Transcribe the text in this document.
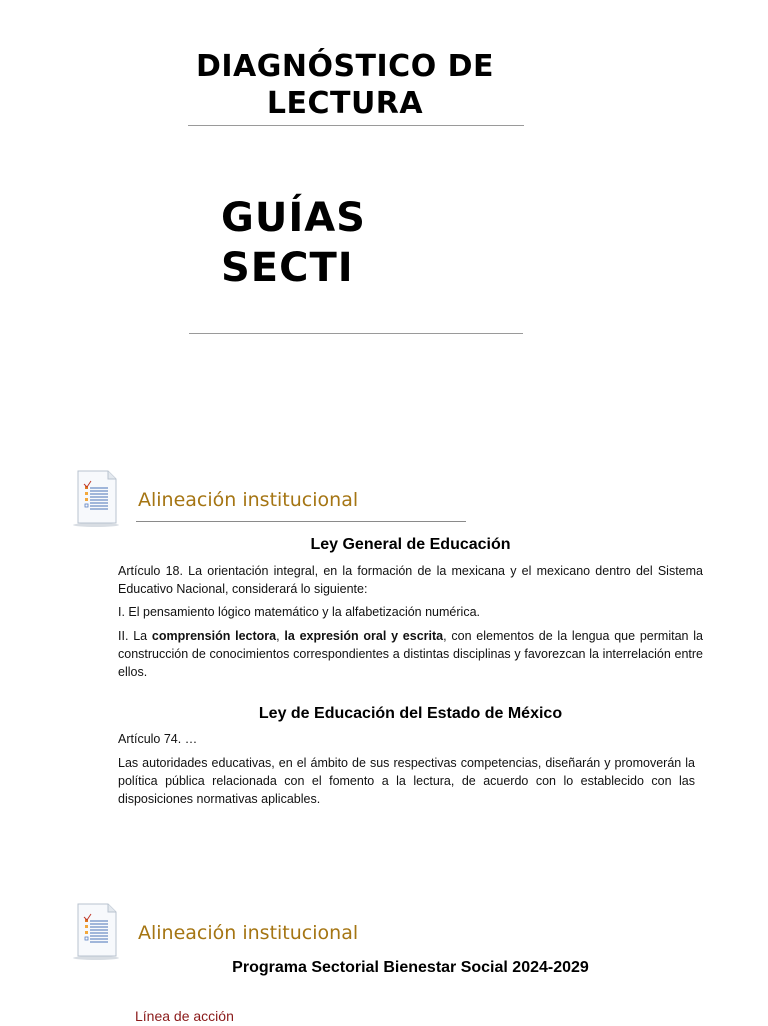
DIAGNÓSTICO DE
LECTURA
GUÍAS
SECTI
Alineación institucional
Ley General de Educación
Artículo 18. La orientación integral, en la formación de la mexicana y el mexicano dentro del Sistema Educativo Nacional, considerará lo siguiente:
I. El pensamiento lógico matemático y la alfabetización numérica.
II. La comprensión lectora, la expresión oral y escrita, con elementos de la lengua que permitan la construcción de conocimientos correspondientes a distintas disciplinas y favorezcan la interrelación entre ellos.
Ley de Educación del Estado de México
Artículo 74. …
Las autoridades educativas, en el ámbito de sus respectivas competencias, diseñarán y promoverán la política pública relacionada con el fomento a la lectura, de acuerdo con lo establecido con las disposiciones normativas aplicables.
Alineación institucional
Programa Sectorial Bienestar Social 2024-2029
Línea de acción
